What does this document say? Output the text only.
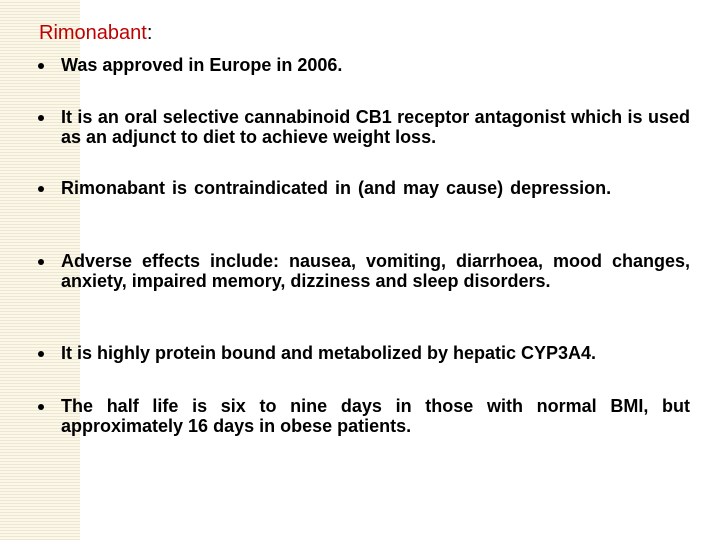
Rimonabant:
Was approved in Europe in 2006.
It is an oral selective cannabinoid CB1 receptor antagonist which is used as an adjunct to diet to achieve weight loss.
Rimonabant is contraindicated in (and may cause) depression.
Adverse effects include: nausea, vomiting, diarrhoea, mood changes, anxiety, impaired memory, dizziness and sleep disorders.
It is highly protein bound and metabolized by hepatic CYP3A4.
The half life is six to nine days in those with normal BMI, but approximately 16 days in obese patients.
